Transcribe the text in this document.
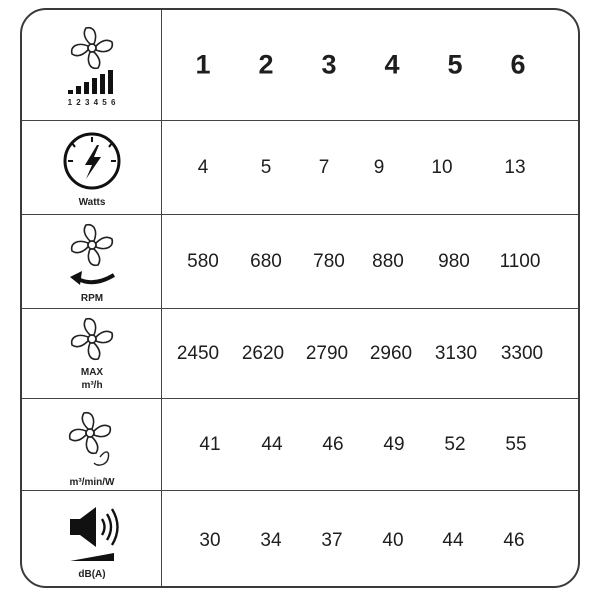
1 2 3 4 5 6
1 2 3 4 5 6
Watts
4	5 7 9 10	13
RPM
580 680 780 880 980 1100
MAX
m³/h
2450 2620 2790 2960 3130 3300
m³/min/W
41 44 46 49 52 55
dB(A)
30 34 37 40 44 46
